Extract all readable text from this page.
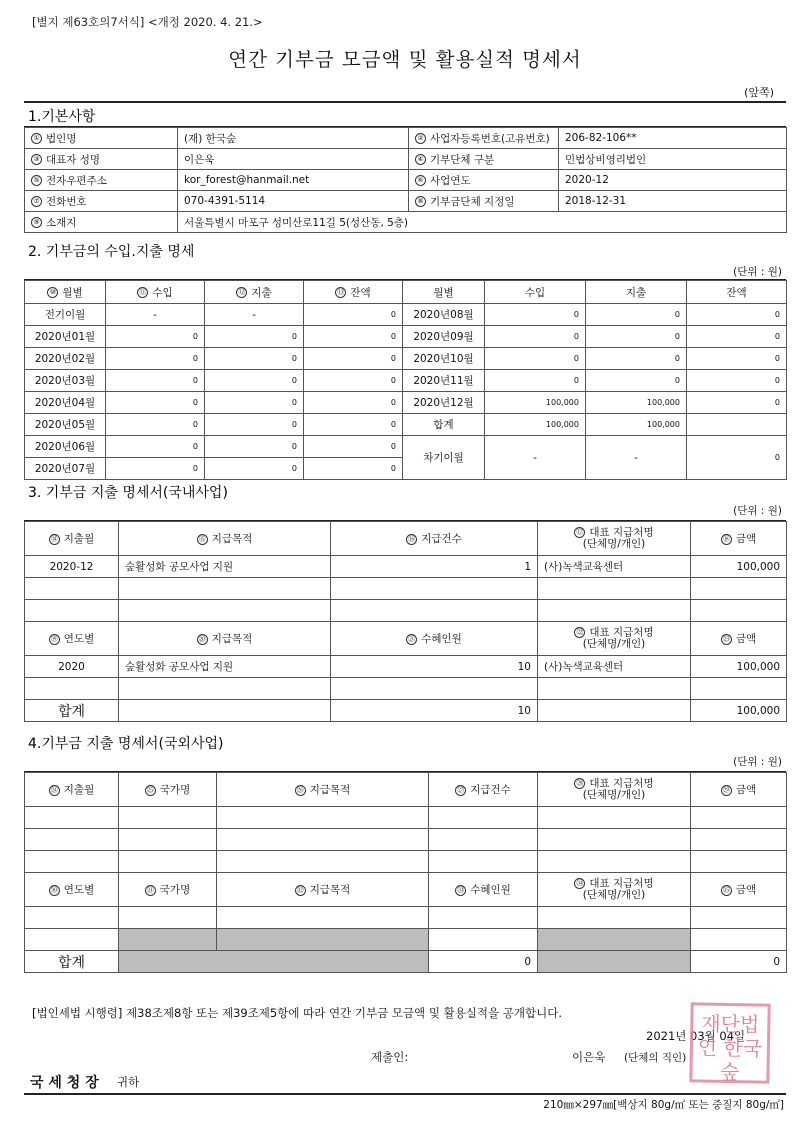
[별지 제63호의7서식] <개정 2020. 4. 21.>
연간 기부금 모금액 및 활용실적 명세서
(앞쪽)
1.기본사항
① 법인명	(재) 한국숲	② 사업자등록번호(고유번호)	206-82-106**
③ 대표자 성명	이은욱	④ 기부단체 구분	민법상비영리법인
⑤ 전자우편주소	kor_forest@hanmail.net	⑥ 사업연도	2020-12
⑦ 전화번호	070-4391-5114	⑧ 기부금단체 지정일	2018-12-31
⑨ 소재지	서울특별시 마포구 성미산로11길 5(성산동, 5층)		
2. 기부금의 수입.지출 명세
(단위 : 원)
⑩ 월별	⑪ 수입	⑫ 지출	⑬ 잔액	월별	수입	지출	잔액
전기이월	-	-	0	2020년08월	0	0	0
2020년01월	0	0	0	2020년09월	0	0	0
2020년02월	0	0	0	2020년10월	0	0	0
2020년03월	0	0	0	2020년11월	0	0	0
2020년04월	0	0	0	2020년12월	100,000	100,000	0
2020년05월	0	0	0	합계	100,000	100,000	
2020년06월	0	0	0	차기이월	-	-	0
2020년07월	0	0	0				
3. 기부금 지출 명세서(국내사업)
(단위 : 원)
⑭ 지출월	⑮ 지급목적	⑯ 지급건수	⑰ 대표 지급처명
(단체명/개인)	⑱ 금액
2020-12	숲활성화 공모사업 지원	1	(사)녹색교육센터	100,000

⑲ 연도별	⑳ 지급목적	㉑ 수혜인원	㉒ 대표 지급처명
(단체명/개인)	㉓ 금액
2020	숲활성화 공모사업 지원	10	(사)녹색교육센터	100,000

합계		10		100,000
4.기부금 지출 명세서(국외사업)
(단위 : 원)
㉔ 지출월	㉕ 국가명	㉖ 지급목적	㉗ 지급건수	㉘ 대표 지급처명
(단체명/개인)	㉙ 금액

㉚ 연도별	㉛ 국가명	㉜ 지급목적	㉝ 수혜인원	㉞ 대표 지급처명
(단체명/개인)	㉟ 금액

합계			0		0
[법인세법 시행령] 제38조제8항 또는 제39조제5항에 따라 연간 기부금 모금액 및 활용실적을 공개합니다.
2021년 03월 04일
제출인:	이은욱 (단체의 직인)
재단법인 한국숲
국 세 청 장 귀하
210㎜×297㎜[백상지 80g/㎡ 또는 중질지 80g/㎡]
